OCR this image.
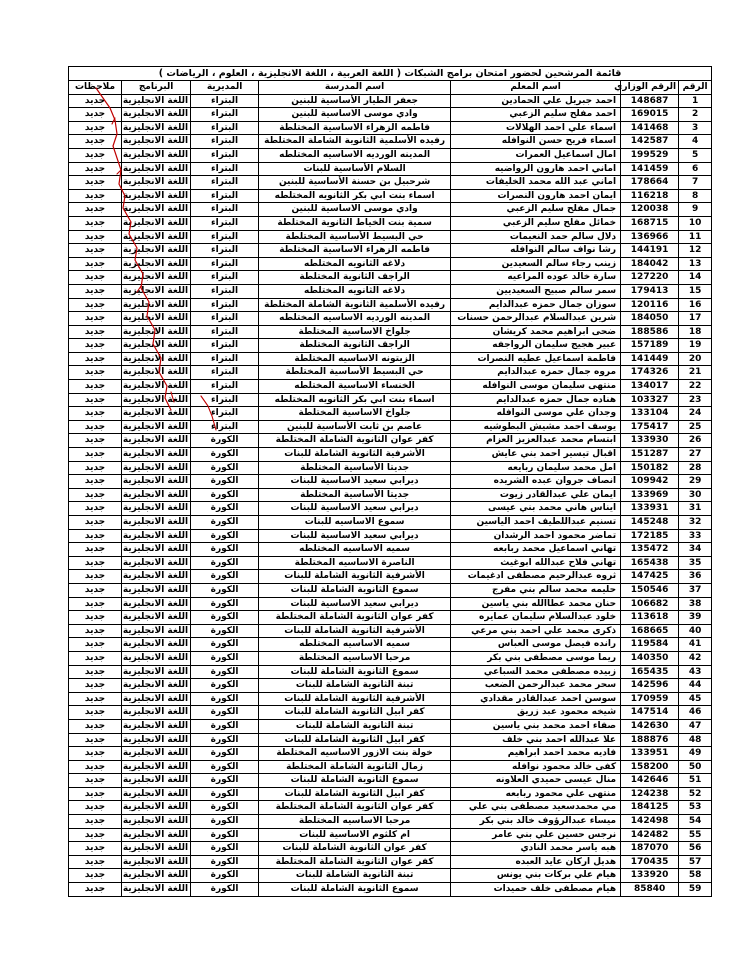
قائمة المرشحين لحضور امتحان برامج الشبكات ( اللغة العربية ، اللغة الانجليزية ، العلوم ، الرياضات )						
الرقم	الرقم الوزاري	اسم المعلم	اسم المدرسة	المديرية	البرنامج	ملاحظات
1	148687	احمد جبريل علي الحمادين	جعفر الطيار الأساسية للبنين	البتراء	اللغة الانجليزية	جديد
2	169015	احمد مفلح سليم الزعبي	وادي موسى الاساسية للبنين	البتراء	اللغة الانجليزية	جديد
3	141468	اسماء علي احمد الهلالات	فاطمه الزهراء الاساسية المختلطة	البتراء	اللغة الانجليزية	جديد
4	142587	اسماء فريح حسن النوافله	رفيده الأسلمية الثانوية الشاملة المختلطة	البتراء	اللغة الانجليزية	جديد
5	199529	امال اسماعيل العمرات	المدينه الورديه الاساسيه المختلطه	البتراء	اللغة الانجليزية	جديد
6	141459	اماني احمد هارون الرواضيه	السلام الأساسية للبنات	البتراء	اللغة الانجليزية	جديد
7	178664	اماني عبد الله محمد الخليفات	شرحبيل بن حسنة الأساسية للبنين	البتراء	اللغة الانجليزية	جديد
8	116218	ايمان احمد هارون النصرات	اسماء بنت ابي بكر الثانويه المختلطه	البتراء	اللغة الانجليزية	جديد
9	120038	جمال مفلح سليم الزعبي	وادي موسى الاساسية للبنين	البتراء	اللغة الانجليزية	جديد
10	168715	خمائل مفلح سليم الزعبي	سمية بنت الخياط الثانوية المختلطة	البتراء	اللغة الانجليزية	جديد
11	136966	دلال سالم حمد النعيمات	حي البسيط الأساسية المختلطة	البتراء	اللغة الانجليزية	جديد
12	144191	رشا نواف سالم النوافله	فاطمه الزهراء الاساسية المختلطة	البتراء	اللغة الانجليزية	جديد
13	184042	زينب رجاء سالم السعيدين	دلاغه الثانويه المختلطه	البتراء	اللغة الانجليزية	جديد
14	127220	سارة خالد عوده المراعيه	الراجف الثانوية المختلطة	البتراء	اللغة الانجليزية	جديد
15	179413	سمر سالم صبيح السعيديين	دلاغه الثانويه المختلطه	البتراء	اللغة الانجليزية	جديد
16	120116	سوزان جمال حمزه عبدالدايم	رفيده الأسلمية الثانوية الشاملة المختلطة	البتراء	اللغة الانجليزية	جديد
17	184050	شرين عبدالسلام عبدالرحمن حسنات	المدينه الورديه الاساسيه المختلطه	البتراء	اللغة الانجليزية	جديد
18	188586	ضحى ابراهيم محمد كريشان	جلواخ الاساسية المختلطة	البتراء	اللغة الانجليزية	جديد
19	157189	عبير هجيج سليمان الرواجفه	الراجف الثانوية المختلطة	البتراء	اللغة الانجليزية	جديد
20	141449	فاطمة اسماعيل عطيه النصرات	الزيتونه الاساسيه المختلطة	البتراء	اللغة الانجليزية	جديد
21	174326	مروه جمال حمزه عبدالدايم	حي البسيط الأساسية المختلطة	البتراء	اللغة الانجليزية	جديد
22	134017	منتهى سليمان موسى النوافله	الخنساء الاساسية المختلطه	البتراء	اللغة الانجليزية	جديد
23	103327	هناده جمال حمزه عبدالدايم	اسماء بنت ابي بكر الثانويه المختلطه	البتراء	اللغة الانجليزية	جديد
24	133104	وجدان علي موسى النوافله	جلواخ الاساسية المختلطة	البتراء	اللغة الانجليزية	جديد
25	175417	يوسف احمد مشيش البطوشيه	عاصم بن ثابت الأساسية للبنين	البتراء	اللغة الانجليزية	جديد
26	133930	ابتسام محمد عبدالعزيز العزام	كفر عوان الثانوية الشاملة المختلطة	الكورة	اللغة الانجليزية	جديد
27	151287	اقبال تيسير احمد بني عايش	الأشرفية الثانوية الشاملة للبنات	الكورة	اللغة الانجليزية	جديد
28	150182	امل محمد سليمان ربايعه	جديتا الأساسية المختلطة	الكورة	اللغة الانجليزية	جديد
29	109942	انصاف جروان عبده الشريده	ديرابي سعيد الاساسية للبنات	الكورة	اللغة الانجليزية	جديد
30	133969	ايمان علي عبدالقادر زيوت	جديتا الأساسية المختلطة	الكورة	اللغة الانجليزية	جديد
31	133931	ايناس هاني محمد بني عيسى	ديرابي سعيد الاساسية للبنات	الكورة	اللغة الانجليزية	جديد
32	145248	تسنيم عبداللطيف احمد الياسين	سموع الاساسيه للبنات	الكورة	اللغة الانجليزية	جديد
33	172185	تماضر محمود احمد الرشدان	ديرابي سعيد الاساسية للبنات	الكورة	اللغة الانجليزية	جديد
34	135472	تهاني اسماعيل محمد ربابعه	سميه الاساسيه المختلطه	الكورة	اللغة الانجليزية	جديد
35	165438	تهاني فلاح عبدالله ابوغيث	الناصرة الاساسيه المختلطة	الكورة	اللغة الانجليزية	جديد
36	147425	ثروه عبدالرحيم مصطفى ادغيمات	الأشرفية الثانوية الشاملة للبنات	الكورة	اللغة الانجليزية	جديد
37	150546	حليمه محمد سالم بني مفرج	سموع الثانوية الشاملة للبنات	الكورة	اللغة الانجليزية	جديد
38	106682	حنان محمد عطاالله بني ياسين	ديرابي سعيد الاساسية للبنات	الكورة	اللغة الانجليزية	جديد
39	113618	خلود عبدالسلام سليمان عمايره	كفر عوان الثانوية الشاملة المختلطة	الكورة	اللغة الانجليزية	جديد
40	168665	ذكرى محمد علي احمد بني مرعي	الأشرفية الثانوية الشاملة للبنات	الكورة	اللغة الانجليزية	جديد
41	119584	رانده فيصل موسى العباس	سميه الاساسيه المختلطه	الكورة	اللغة الانجليزية	جديد
42	140350	ريما موسى مصطفى بني بكر	مرحبا الاساسيه المختلطة	الكورة	اللغة الانجليزية	جديد
43	165435	زبيده مصطفى محمد السباعي	سموع الثانوية الشاملة للبنات	الكورة	اللغة الانجليزية	جديد
44	142596	سحر محمد عبدالرحمن الضعب	تبنة الثانوية الشاملة للبنات	الكورة	اللغة الانجليزية	جديد
45	170959	سوسن احمد عبدالقادر مقدادي	الأشرفية الثانوية الشاملة للبنات	الكورة	اللغة الانجليزية	جديد
46	147514	شيخه محمود عبد زريق	كفر ابيل الثانوية الشاملة للبنات	الكورة	اللغة الانجليزية	جديد
47	142630	صفاء احمد محمد بني ياسين	تبنة الثانوية الشاملة للبنات	الكورة	اللغة الانجليزية	جديد
48	188876	علا عبدالله احمد بني خلف	كفر ابيل الثانوية الشاملة للبنات	الكورة	اللغة الانجليزية	جديد
49	133951	فاديه محمد احمد ابراهيم	خولة بنت الازور الاساسيه المختلطة	الكورة	اللغة الانجليزية	جديد
50	158200	كفى خالد محمود نوافله	زمال الثانوية الشاملة المختلطة	الكورة	اللغة الانجليزية	جديد
51	142646	منال عيسى حميدي العلاونه	سموع الثانوية الشاملة للبنات	الكورة	اللغة الانجليزية	جديد
52	124238	منتهى علي محمود ربابعه	كفر ابيل الثانوية الشاملة للبنات	الكورة	اللغة الانجليزية	جديد
53	184125	مي محمدسعيد مصطفى بني علي	كفر عوان الثانوية الشاملة المختلطة	الكورة	اللغة الانجليزية	جديد
54	142498	ميساء عبدالرؤوف خالد بني بكر	مرحبا الاساسيه المختلطة	الكورة	اللغة الانجليزية	جديد
55	142482	نرجس حسين علي بني عامر	ام كلثوم الاساسية للبنات	الكورة	اللغة الانجليزية	جديد
56	187070	هبه ياسر محمد النادي	كفر عوان الثانوية الشاملة للبنات	الكورة	اللغة الانجليزية	جديد
57	170435	هديل اركان عايد العبده	كفر عوان الثانوية الشاملة المختلطة	الكورة	اللغة الانجليزية	جديد
58	133920	هيام علي بركات بني يونس	تبنة الثانوية الشاملة للبنات	الكورة	اللغة الانجليزية	جديد
59	85840	هيام مصطفى خلف حميدات	سموع الثانوية الشاملة للبنات	الكورة	اللغة الانجليزية	جديد
